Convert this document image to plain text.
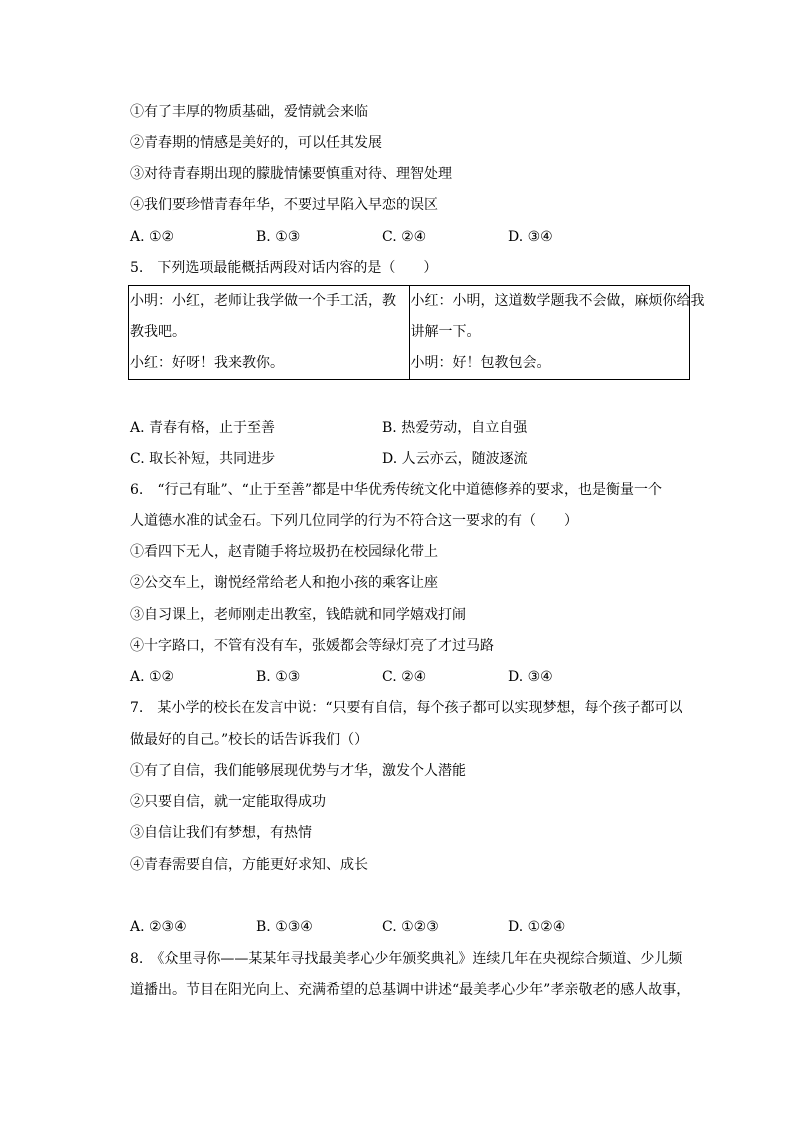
①有了丰厚的物质基础，爱情就会来临
②青春期的情感是美好的，可以任其发展
③对待青春期出现的朦胧情愫要慎重对待、理智处理
④我们要珍惜青春年华，不要过早陷入早恋的误区
A. ①②	B. ①③	C. ②④	D. ③④
5.　下列选项最能概括两段对话内容的是（　　）
小明：小红，老师让我学做一个手工活，教
教我吧。
小红：好呀！我来教你。

小红：小明，这道数学题我不会做，麻烦你给我
讲解一下。
小明：好！包教包会。
A. 青春有格，止于至善	B. 热爱劳动，自立自强
C. 取长补短，共同进步	D. 人云亦云，随波逐流
6.　“行己有耻”、“止于至善”都是中华优秀传统文化中道德修养的要求，也是衡量一个
人道德水准的试金石。下列几位同学的行为不符合这一要求的有（　　）
①看四下无人，赵青随手将垃圾扔在校园绿化带上
②公交车上，谢悦经常给老人和抱小孩的乘客让座
③自习课上，老师刚走出教室，钱皓就和同学嬉戏打闹
④十字路口，不管有没有车，张媛都会等绿灯亮了才过马路
A. ①②	B. ①③	C. ②④	D. ③④
7.　某小学的校长在发言中说：“只要有自信，每个孩子都可以实现梦想，每个孩子都可以
做最好的自己。”校长的话告诉我们（）
①有了自信，我们能够展现优势与才华，激发个人潜能
②只要自信，就一定能取得成功
③自信让我们有梦想，有热情
④青春需要自信，方能更好求知、成长
A. ②③④	B. ①③④	C. ①②③	D. ①②④
8.　《众里寻你——某某年寻找最美孝心少年颁奖典礼》连续几年在央视综合频道、少儿频
道播出。节目在阳光向上、充满希望的总基调中讲述“最美孝心少年”孝亲敬老的感人故事，
